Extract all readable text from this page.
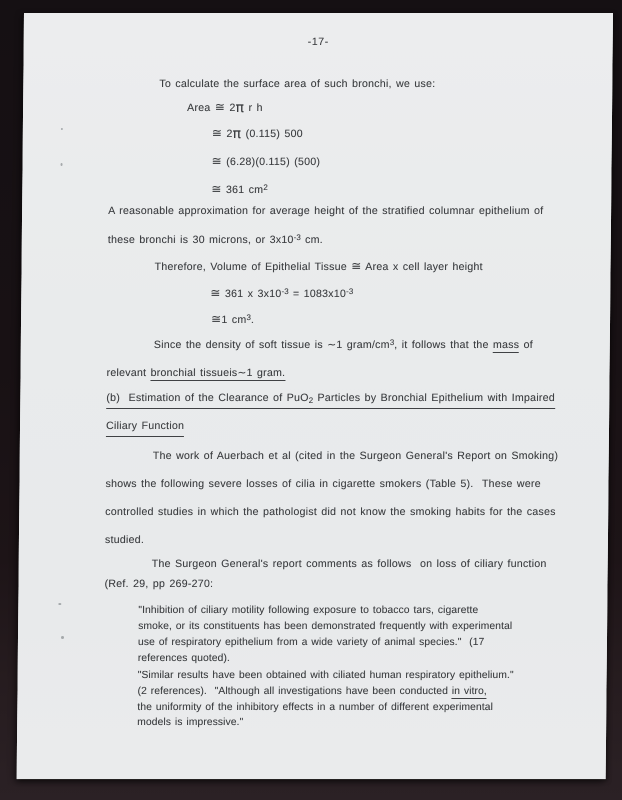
-17-
To calculate the surface area of such bronchi, we use:
Area ≅ 2π r h
≅ 2π (0.115) 500
≅ (6.28)(0.115) (500)
≅ 361 $cm^2$
A reasonable approximation for average height of the stratified columnar epithelium of
these bronchi is 30 microns, or $3x10^{-3}$ cm.
Therefore, Volume of Epithelial Tissue ≅ Area x cell layer height
≅ 361 x $3x10^{-3} = 1083x10^{-3}$
≅1 $cm^3$.
Since the density of soft tissue is ∼1 gram/$cm^3$, it follows that the mass of
relevant bronchial tissueis∼1 gram.
(b)  Estimation of the Clearance of PuO$_2$ Particles by Bronchial Epithelium with Impaired
Ciliary Function
The work of Auerbach et al (cited in the Surgeon General's Report on Smoking)
shows the following severe losses of cilia in cigarette smokers (Table 5).  These were
controlled studies in which the pathologist did not know the smoking habits for the cases
studied.
The Surgeon General's report comments as follows  on loss of ciliary function
(Ref. 29, pp 269-270:
"Inhibition of ciliary motility following exposure to tobacco tars, cigarette
smoke, or its constituents has been demonstrated frequently with experimental
use of respiratory epithelium from a wide variety of animal species."  (17
references quoted).
"Similar results have been obtained with ciliated human respiratory epithelium."
(2 references).  "Although all investigations have been conducted in vitro,
the uniformity of the inhibitory effects in a number of different experimental
models is impressive."
